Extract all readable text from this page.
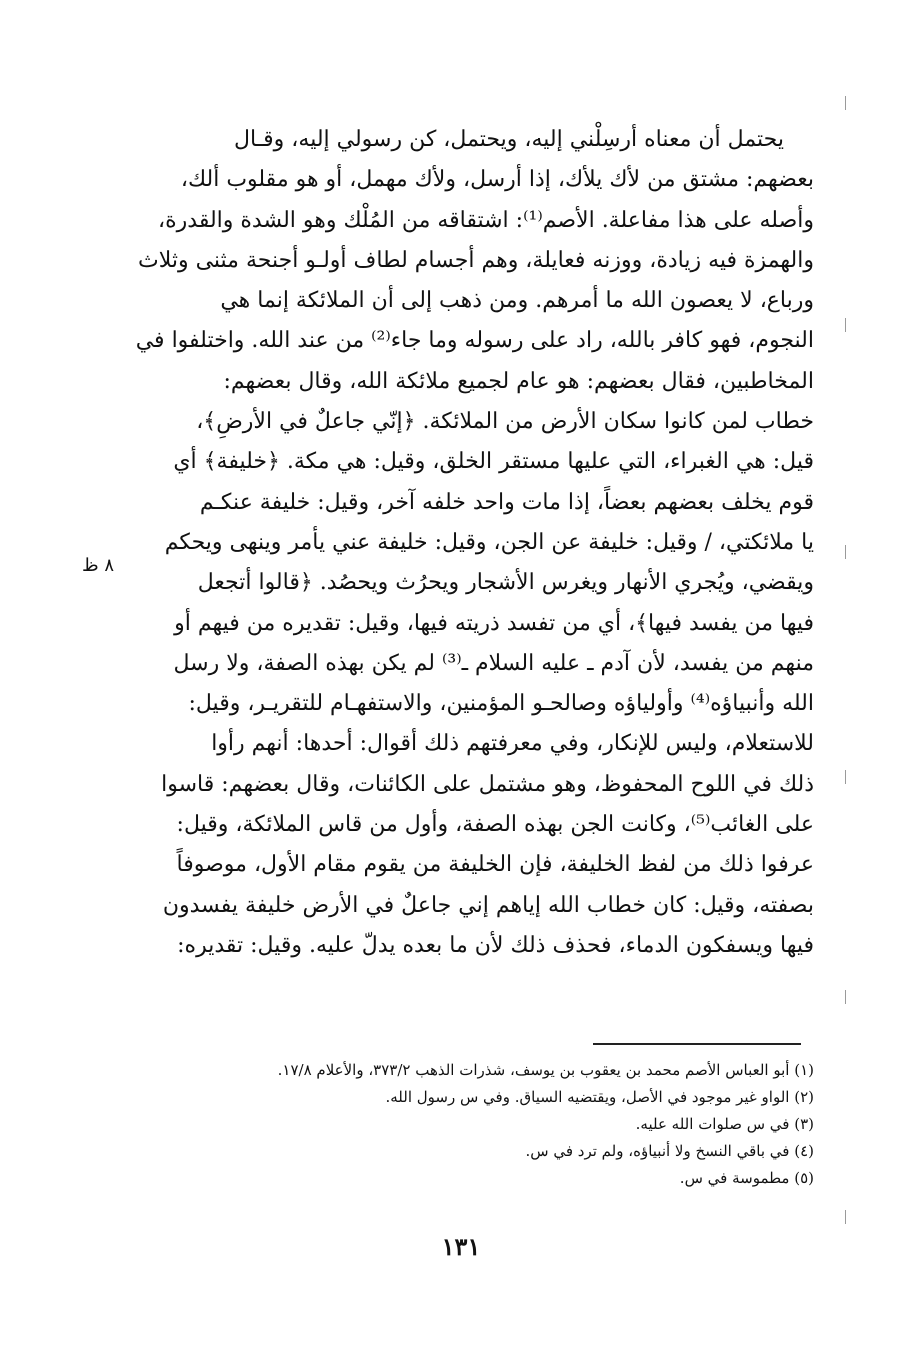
يحتمل أن معناه أرسِلْني إليه، ويحتمل، كن رسولي إليه، وقـال
بعضهم: مشتق من لأك يلأك، إذا أرسل، ولأك مهمل، أو هو مقلوب ألك،
وأصله على هذا مفاعلة. الأصم⁽¹⁾: اشتقاقه من المُلْك وهو الشدة والقدرة،
والهمزة فيه زيادة، ووزنه فعايلة، وهم أجسام لطاف أولـو أجنحة مثنى وثلاث
ورباع، لا يعصون الله ما أمرهم. ومن ذهب إلى أن الملائكة إنما هي
النجوم، فهو كافر بالله، راد على رسوله وما جاء⁽²⁾ من عند الله. واختلفوا في
المخاطبين، فقال بعضهم: هو عام لجميع ملائكة الله، وقال بعضهم:
خطاب لمن كانوا سكان الأرض من الملائكة. ﴿إنّي جاعلٌ في الأرضِ﴾،
قيل: هي الغبراء، التي عليها مستقر الخلق، وقيل: هي مكة. ﴿خليفة﴾ أي
قوم يخلف بعضهم بعضاً، إذا مات واحد خلفه آخر، وقيل: خليفة عنكـم
يا ملائكتي، / وقيل: خليفة عن الجن، وقيل: خليفة عني يأمر وينهى ويحكم
ويقضي، ويُجري الأنهار ويغرس الأشجار ويحرُث ويحصُد. ﴿قالوا أتجعل
فيها من يفسد فيها﴾، أي من تفسد ذريته فيها، وقيل: تقديره من فيهم أو
منهم من يفسد، لأن آدم ـ عليه السلام ـ⁽³⁾ لم يكن بهذه الصفة، ولا رسل
الله وأنبياؤه⁽⁴⁾ وأولياؤه وصالحـو المؤمنين، والاستفهـام للتقريـر، وقيل:
للاستعلام، وليس للإنكار، وفي معرفتهم ذلك أقوال: أحدها: أنهم رأوا
ذلك في اللوح المحفوظ، وهو مشتمل على الكائنات، وقال بعضهم: قاسوا
على الغائب⁽⁵⁾، وكانت الجن بهذه الصفة، وأول من قاس الملائكة، وقيل:
عرفوا ذلك من لفظ الخليفة، فإن الخليفة من يقوم مقام الأول، موصوفاً
بصفته، وقيل: كان خطاب الله إياهم إني جاعلٌ في الأرض خليفة يفسدون
فيها ويسفكون الدماء، فحذف ذلك لأن ما بعده يدلّ عليه. وقيل: تقديره:
٨ ظ
(١) أبو العباس الأصم محمد بن يعقوب بن يوسف، شذرات الذهب ٣٧٣/٢، والأعلام ١٧/٨.
(٢) الواو غير موجود في الأصل، ويقتضيه السياق. وفي س رسول الله.
(٣) في س صلوات الله عليه.
(٤) في باقي النسخ ولا أنبياؤه، ولم ترد في س.
(٥) مطموسة في س.
١٣١
